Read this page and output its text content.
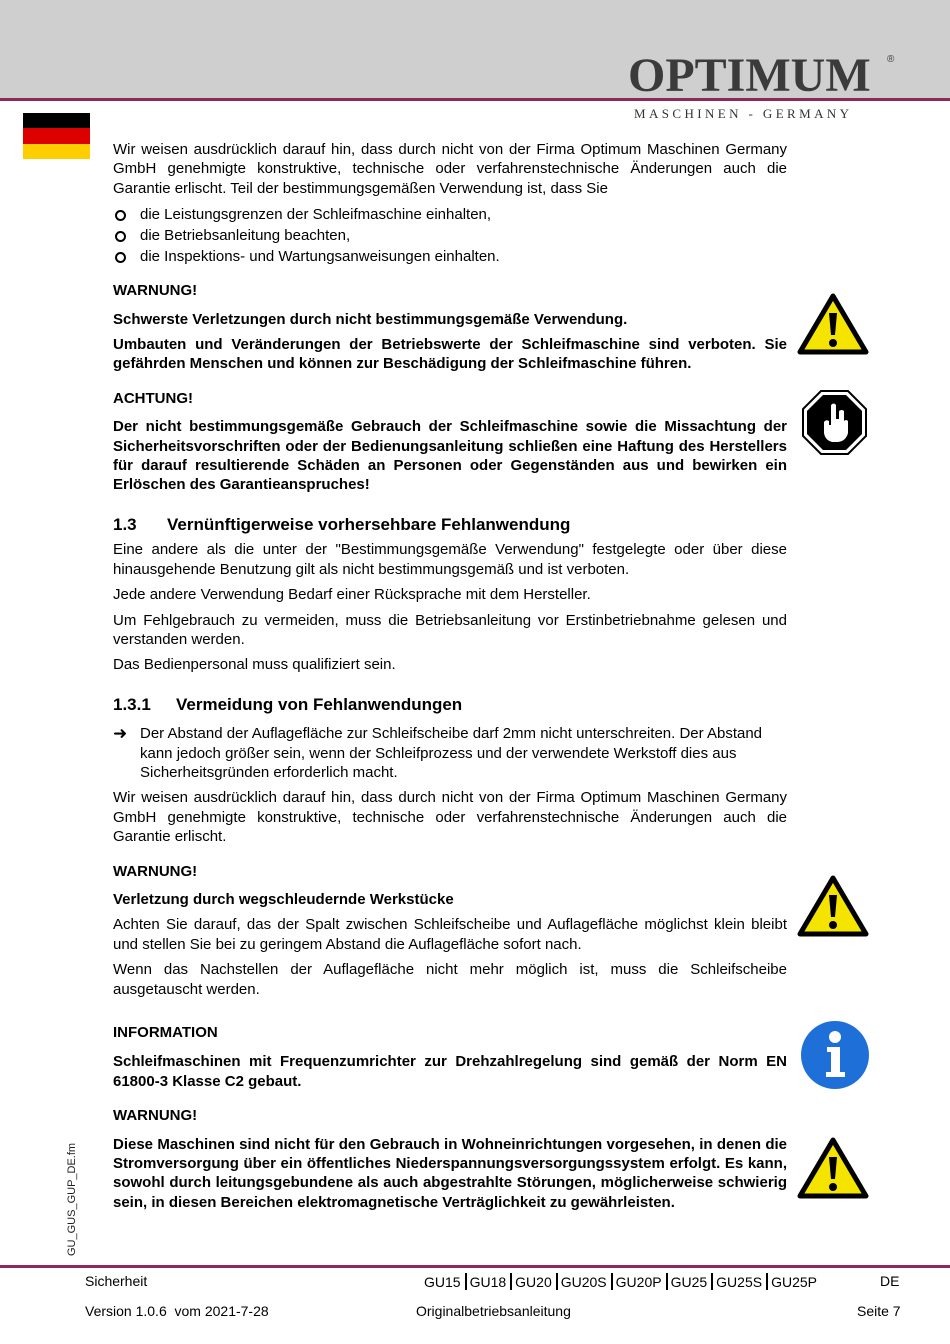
OPTIMUM	®
MASCHINEN - GERMANY
GU_GUS_GUP_DE.fm

Wir weisen ausdrücklich darauf hin, dass durch nicht von der Firma Optimum Maschinen Germany GmbH genehmigte konstruktive, technische oder verfahrenstechnische Änderungen auch die Garantie erlischt. Teil der bestimmungsgemäßen Verwendung ist, dass Sie

die Leistungsgrenzen der Schleifmaschine einhalten,
die Betriebsanleitung beachten,
die Inspektions- und Wartungsanweisungen einhalten.

WARNUNG!

Schwerste Verletzungen durch nicht bestimmungsgemäße Verwendung.

Umbauten und Veränderungen der Betriebswerte der Schleifmaschine sind verboten. Sie gefährden Menschen und können zur Beschädigung der Schleifmaschine führen.

ACHTUNG!

Der nicht bestimmungsgemäße Gebrauch der Schleifmaschine sowie die Missachtung der Sicherheitsvorschriften oder der Bedienungsanleitung schließen eine Haftung des Herstellers für darauf resultierende Schäden an Personen oder Gegenständen aus und bewirken ein Erlöschen des Garantieanspruches!

1.3 Vernünftigerweise vorhersehbare Fehlanwendung

Eine andere als die unter der "Bestimmungsgemäße Verwendung" festgelegte oder über diese hinausgehende Benutzung gilt als nicht bestimmungsgemäß und ist verboten.

Jede andere Verwendung Bedarf einer Rücksprache mit dem Hersteller.

Um Fehlgebrauch zu vermeiden, muss die Betriebsanleitung vor Erstinbetriebnahme gelesen und verstanden werden.

Das Bedienpersonal muss qualifiziert sein.

1.3.1 Vermeidung von Fehlanwendungen

➜ Der Abstand der Auflagefläche zur Schleifscheibe darf 2mm nicht unterschreiten. Der Abstand kann jedoch größer sein, wenn der Schleifprozess und der verwendete Werkstoff dies aus Sicherheitsgründen erforderlich macht.

Wir weisen ausdrücklich darauf hin, dass durch nicht von der Firma Optimum Maschinen Germany GmbH genehmigte konstruktive, technische oder verfahrenstechnische Änderungen auch die Garantie erlischt.

WARNUNG!

Verletzung durch wegschleudernde Werkstücke

Achten Sie darauf, das der Spalt zwischen Schleifscheibe und Auflagefläche möglichst klein bleibt und stellen Sie bei zu geringem Abstand die Auflagefläche sofort nach.

Wenn das Nachstellen der Auflagefläche nicht mehr möglich ist, muss die Schleifscheibe ausgetauscht werden.

INFORMATION

Schleifmaschinen mit Frequenzumrichter zur Drehzahlregelung sind gemäß der Norm EN 61800-3 Klasse C2 gebaut.

WARNUNG!

Diese Maschinen sind nicht für den Gebrauch in Wohneinrichtungen vorgesehen, in denen die Stromversorgung über ein öffentliches Niederspannungsversorgungssystem erfolgt. Es kann, sowohl durch leitungsgebundene als auch abgestrahlte Störungen, möglicherweise schwierig sein, in diesen Bereichen elektromagnetische Verträglichkeit zu gewährleisten.

Sicherheit	GU15 GU18 GU20 GU20S GU20P GU25 GU25S GU25P	DE
Version 1.0.6  vom 2021-7-28	Originalbetriebsanleitung	Seite 7
